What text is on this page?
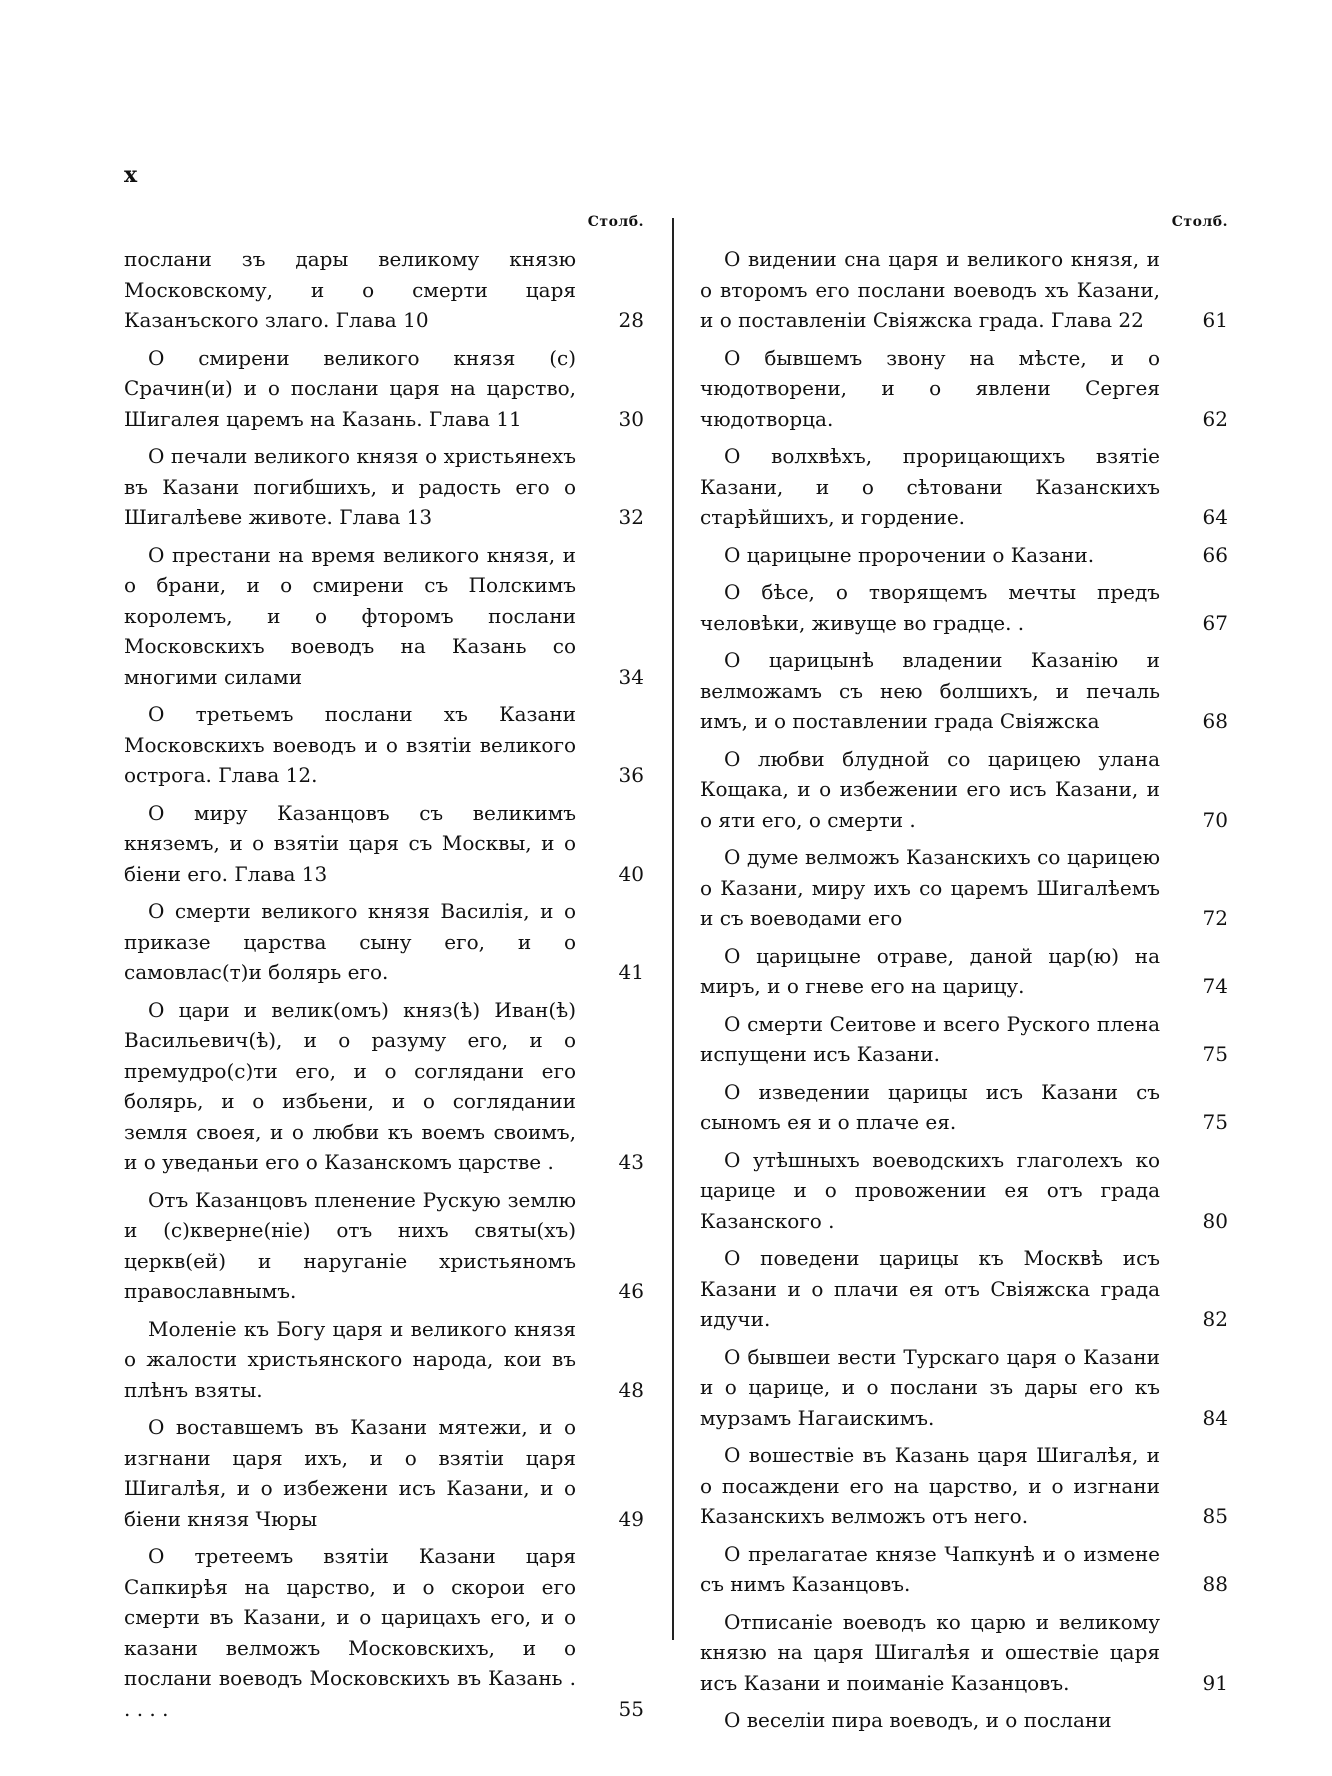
x
Столб.
послани зъ дары великому князю Московскому, и о смерти царя Казанъского злаго. Глава 10	28
О смирени великого князя (с) Срачин(и) и о послани царя на царство, Шигалея царемъ на Казань. Глава 11	30
О печали великого князя о христьянехъ въ Казани погибшихъ, и радость его о Шигалѣеве животе. Глава 13	32
О престани на время великого князя, и о брани, и о смирени съ Полскимъ королемъ, и о фторомъ послани Московскихъ воеводъ на Казань со многими силами	34
О третьемъ послани хъ Казани Московскихъ воеводъ и о взятіи великого острога. Глава 12.	36
О миру Казанцовъ съ великимъ княземъ, и о взятіи царя съ Москвы, и о біени его. Глава 13	40
О смерти великого князя Василія, и о приказе царства сыну его, и о самовлас(т)и болярь его.	41
О цари и велик(омъ) княз(ѣ) Иван(ѣ) Васильевич(ѣ), и о разуму его, и о премудро(с)ти его, и о соглядани его болярь, и о избьени, и о соглядании земля своея, и о любви къ воемъ своимъ, и о уведаньи его о Казанскомъ царстве .	43
Отъ Казанцовъ пленение Рускую землю и (с)кверне(ніе) отъ нихъ святы(хъ) церкв(ей) и наруганіе христьяномъ православнымъ.	46
Моленіе къ Богу царя и великого князя о жалости христьянского народа, кои въ плѣнъ взяты.	48
О воставшемъ въ Казани мятежи, и о изгнани царя ихъ, и о взятіи царя Шигалѣя, и о избежени исъ Казани, и о біени князя Чюры	49
О третеемъ взятіи Казани царя Сапкирѣя на царство, и о скорои его смерти въ Казани, и о царицахъ его, и о казани велможъ Московскихъ, и о послани воеводъ Московскихъ въ Казань . . . . .	55
Столб.
О видении сна царя и великого князя, и о второмъ его послани воеводъ хъ Казани, и о поставленіи Свіяжска града. Глава 22	61
О бывшемъ звону на мѣсте, и о чюдотворени, и о явлени Сергея чюдотворца.	62
О волхвѣхъ, прорицающихъ взятіе Казани, и о сѣтовани Казанскихъ старѣйшихъ, и гордение.	64
О царицыне пророчении о Казани.	66
О бѣсе, о творящемъ мечты предъ человѣки, живуще во градце. .	67
О царицынѣ владении Казанію и велможамъ съ нею болшихъ, и печаль имъ, и о поставлении града Свіяжска	68
О любви блудной со царицею улана Кощака, и о избежении его исъ Казани, и о яти его, о смерти .	70
О думе велможъ Казанскихъ со царицею о Казани, миру ихъ со царемъ Шигалѣемъ и съ воеводами его	72
О царицыне отраве, даной цар(ю) на миръ, и о гневе его на царицу.	74
О смерти Сеитове и всего Руского плена испущени исъ Казани.	75
О изведении царицы исъ Казани съ сыномъ ея и о плаче ея.	75
О утѣшныхъ воеводскихъ глаголехъ ко царице и о провожении ея отъ града Казанского .	80
О поведени царицы къ Москвѣ исъ Казани и о плачи ея отъ Свіяжска града идучи.	82
О бывшеи вести Турскаго царя о Казани и о царице, и о послани зъ дары его къ мурзамъ Нагаискимъ.	84
О вошествіе въ Казань царя Шигалѣя, и о посаждени его на царство, и о изгнани Казанскихъ велможъ отъ него.	85
О прелагатае князе Чапкунѣ и о измене съ нимъ Казанцовъ.	88
Отписаніе воеводъ ко царю и великому князю на царя Шигалѣя и ошествіе царя исъ Казани и поиманіе Казанцовъ.	91
О веселіи пира воеводъ, и о послани
